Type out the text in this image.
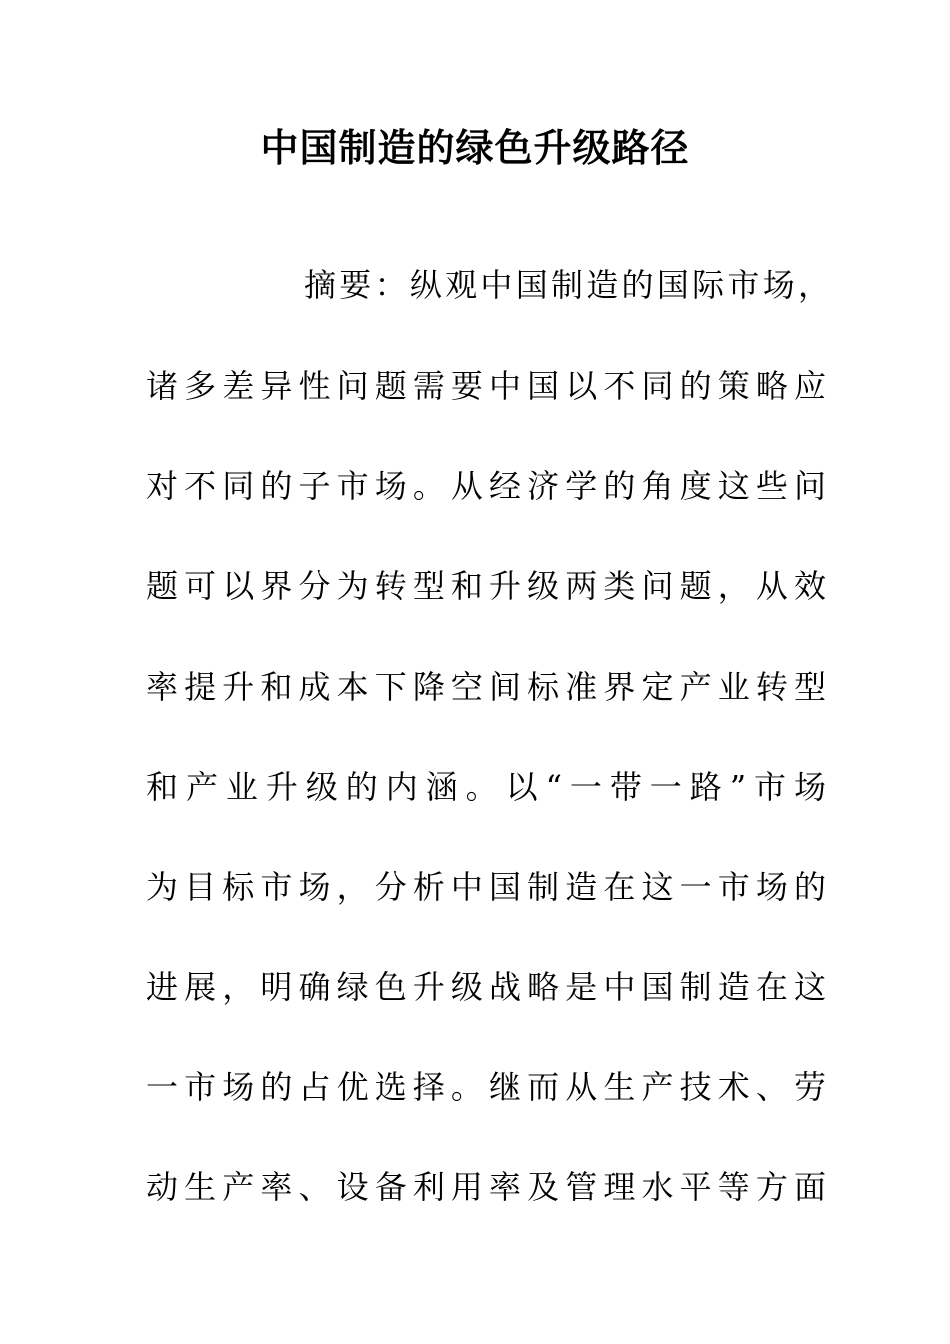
中国制造的绿色升级路径

摘要：纵观中国制造的国际市场，

诸多差异性问题需要中国以不同的策略应

对不同的子市场。从经济学的角度这些问

题可以界分为转型和升级两类问题，从效

率提升和成本下降空间标准界定产业转型

和产业升级的内涵。以“一带一路”市场

为目标市场，分析中国制造在这一市场的

进展，明确绿色升级战略是中国制造在这

一市场的占优选择。继而从生产技术、劳

动生产率、设备利用率及管理水平等方面
